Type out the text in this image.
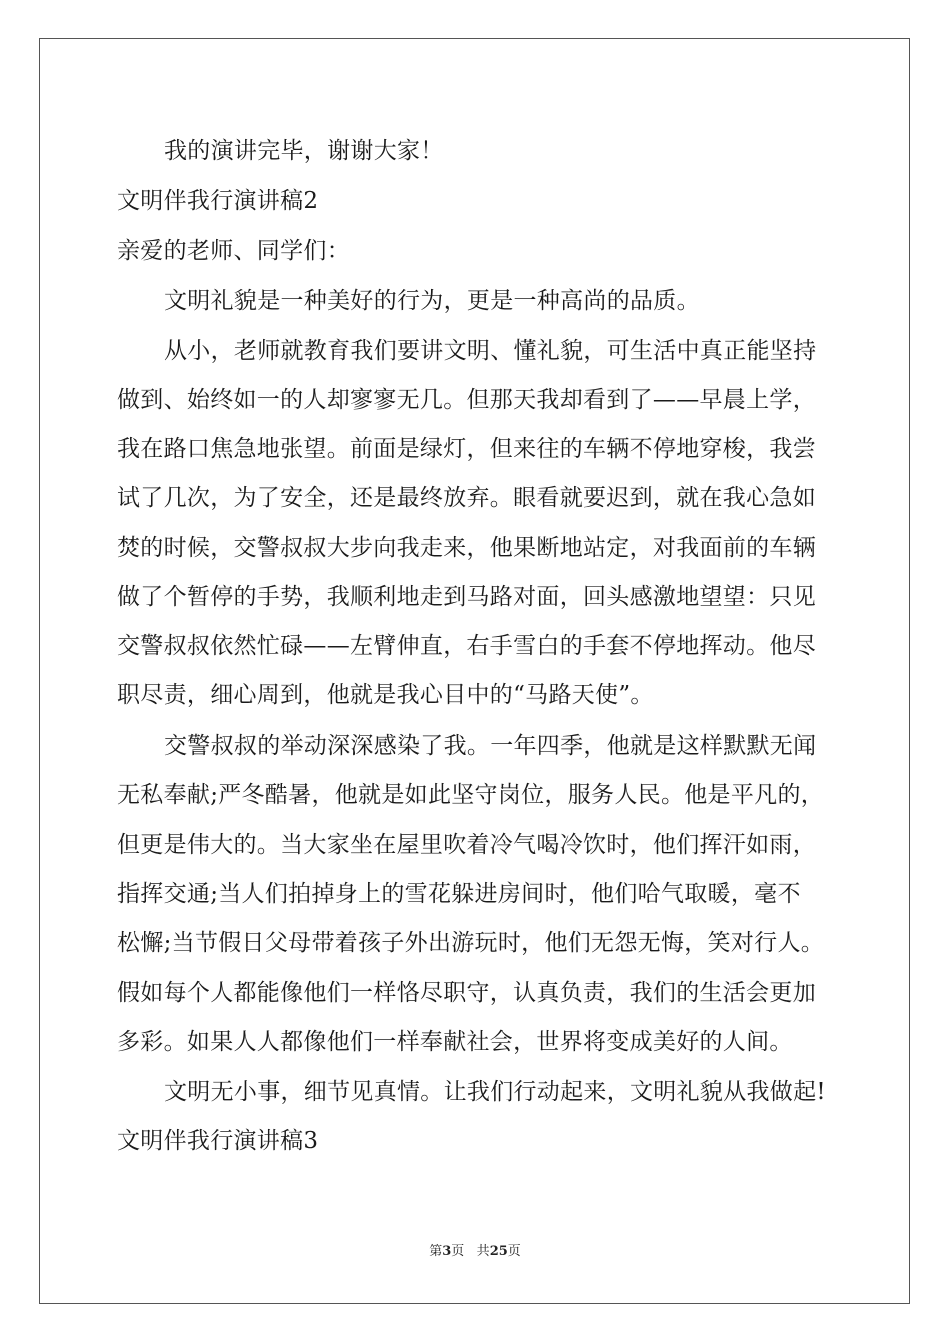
我的演讲完毕，谢谢大家！
文明伴我行演讲稿2
亲爱的老师、同学们：
文明礼貌是一种美好的行为，更是一种高尚的品质。
从小，老师就教育我们要讲文明、懂礼貌，可生活中真正能坚持
做到、始终如一的人却寥寥无几。但那天我却看到了——早晨上学，
我在路口焦急地张望。前面是绿灯，但来往的车辆不停地穿梭，我尝
试了几次，为了安全，还是最终放弃。眼看就要迟到，就在我心急如
焚的时候，交警叔叔大步向我走来，他果断地站定，对我面前的车辆
做了个暂停的手势，我顺利地走到马路对面，回头感激地望望：只见
交警叔叔依然忙碌——左臂伸直，右手雪白的手套不停地挥动。他尽
职尽责，细心周到，他就是我心目中的“马路天使”。
交警叔叔的举动深深感染了我。一年四季，他就是这样默默无闻
无私奉献;严冬酷暑，他就是如此坚守岗位，服务人民。他是平凡的，
但更是伟大的。当大家坐在屋里吹着冷气喝冷饮时，他们挥汗如雨，
指挥交通;当人们拍掉身上的雪花躲进房间时，他们哈气取暖，毫不
松懈;当节假日父母带着孩子外出游玩时，他们无怨无悔，笑对行人。
假如每个人都能像他们一样恪尽职守，认真负责，我们的生活会更加
多彩。如果人人都像他们一样奉献社会，世界将变成美好的人间。
文明无小事，细节见真情。让我们行动起来，文明礼貌从我做起!
文明伴我行演讲稿3
第3页 共25页
